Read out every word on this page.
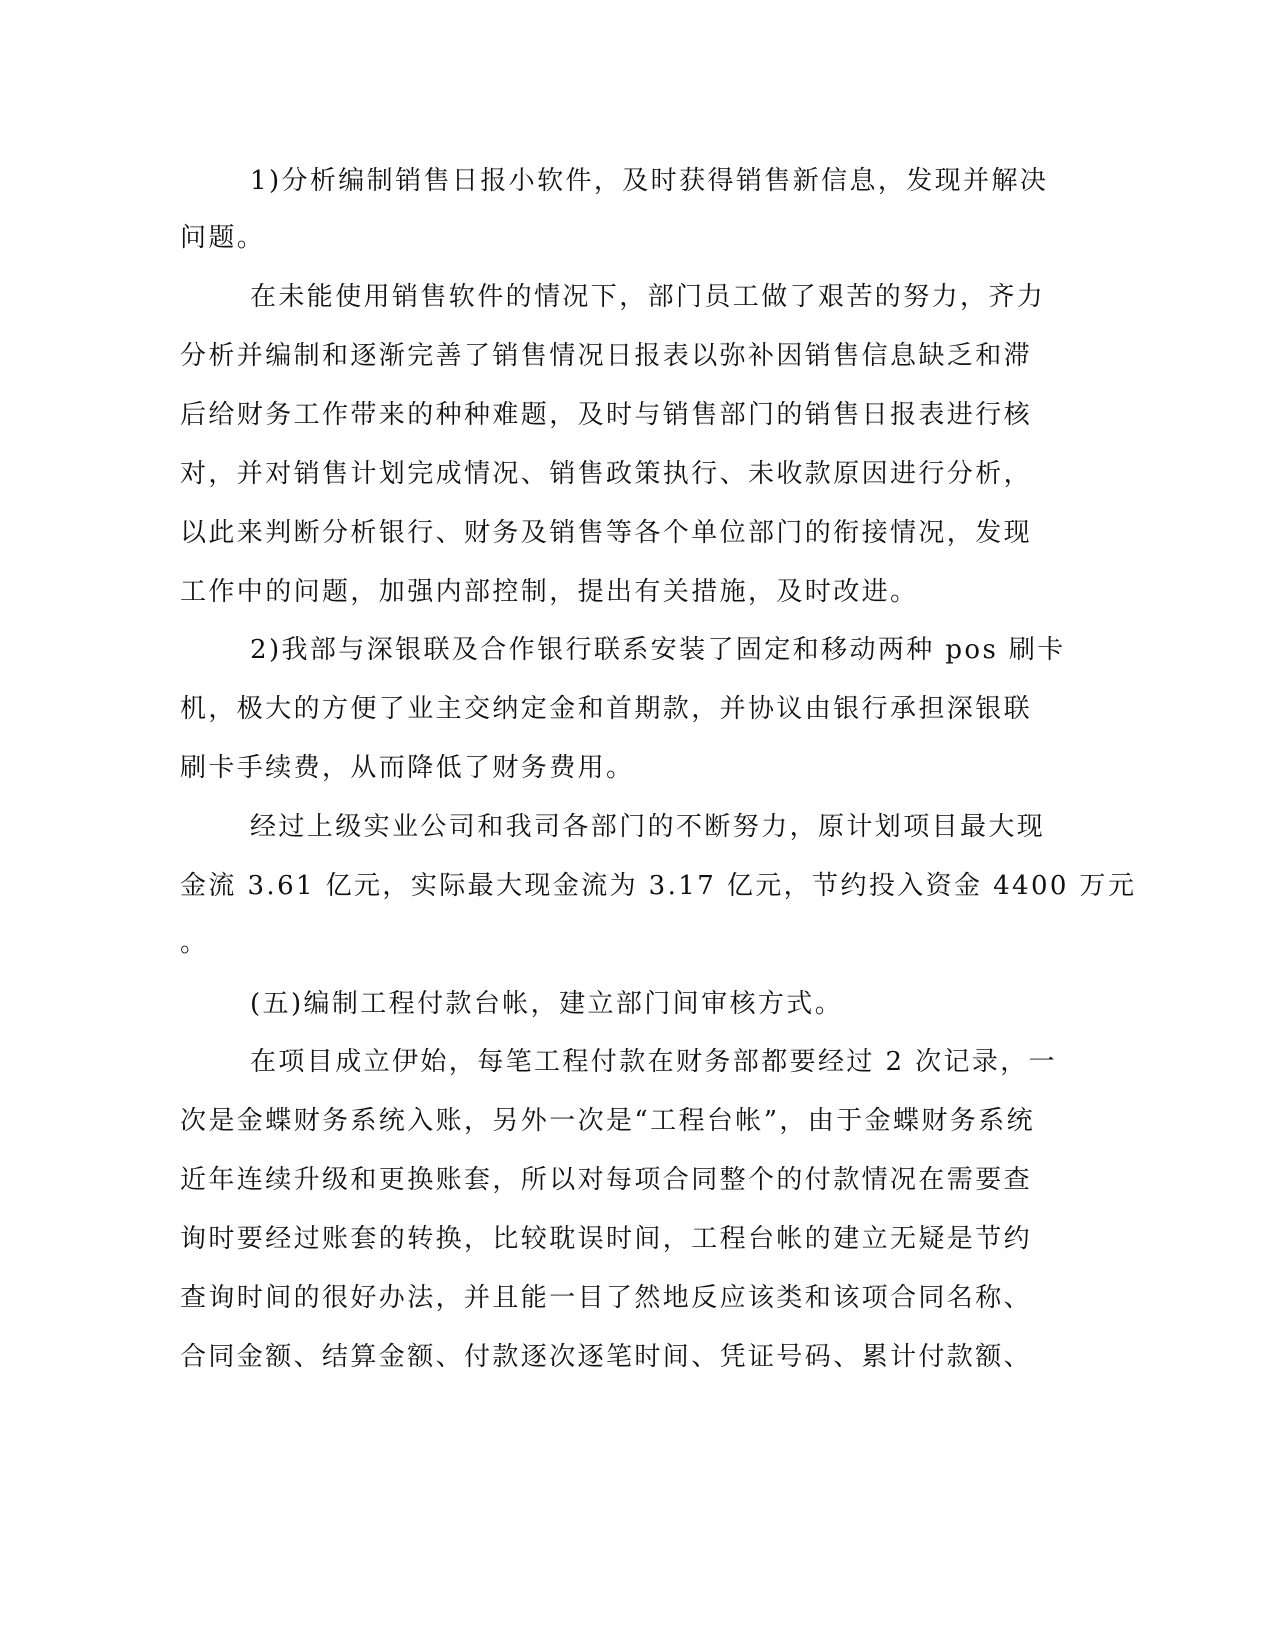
1)分析编制销售日报小软件，及时获得销售新信息，发现并解决
问题。
在未能使用销售软件的情况下，部门员工做了艰苦的努力，齐力
分析并编制和逐渐完善了销售情况日报表以弥补因销售信息缺乏和滞
后给财务工作带来的种种难题，及时与销售部门的销售日报表进行核
对，并对销售计划完成情况、销售政策执行、未收款原因进行分析，
以此来判断分析银行、财务及销售等各个单位部门的衔接情况，发现
工作中的问题，加强内部控制，提出有关措施，及时改进。
2)我部与深银联及合作银行联系安装了固定和移动两种 pos 刷卡
机，极大的方便了业主交纳定金和首期款，并协议由银行承担深银联
刷卡手续费，从而降低了财务费用。
经过上级实业公司和我司各部门的不断努力，原计划项目最大现
金流 3.61 亿元，实际最大现金流为 3.17 亿元，节约投入资金 4400 万元
。
(五)编制工程付款台帐，建立部门间审核方式。
在项目成立伊始，每笔工程付款在财务部都要经过 2 次记录，一
次是金蝶财务系统入账，另外一次是“工程台帐”，由于金蝶财务系统
近年连续升级和更换账套，所以对每项合同整个的付款情况在需要查
询时要经过账套的转换，比较耽误时间，工程台帐的建立无疑是节约
查询时间的很好办法，并且能一目了然地反应该类和该项合同名称、
合同金额、结算金额、付款逐次逐笔时间、凭证号码、累计付款额、
